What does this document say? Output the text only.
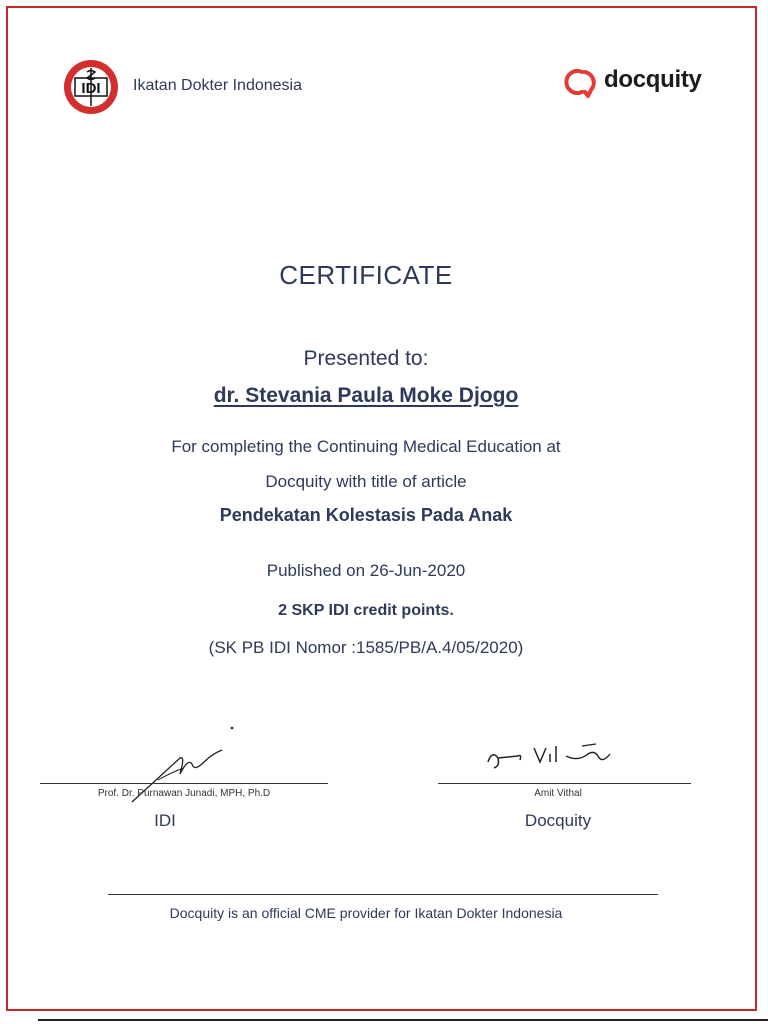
IDI Ikatan Dokter Indonesia	docquity
CERTIFICATE
Presented to:
dr. Stevania Paula Moke Djogo
For completing the Continuing Medical Education at
Docquity with title of article
Pendekatan Kolestasis Pada Anak
Published on 26-Jun-2020
2 SKP IDI credit points.
(SK PB IDI Nomor :1585/PB/A.4/05/2020)
Prof. Dr. Purnawan Junadi, MPH, Ph.D
IDI
Amit Vithal
Docquity
Docquity is an official CME provider for Ikatan Dokter Indonesia
